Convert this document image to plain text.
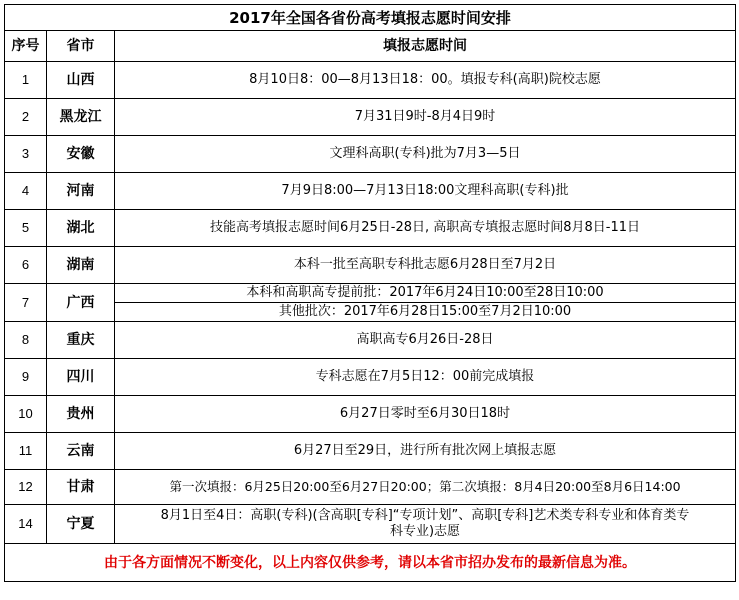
2017年全国各省份高考填报志愿时间安排		
序号	省市	填报志愿时间
1	山西	8月10日8：00—8月13日18：00。填报专科(高职)院校志愿
2	黑龙江	7月31日9时-8月4日9时
3	安徽	文理科高职(专科)批为7月3—5日
4	河南	7月9日8:00—7月13日18:00文理科高职(专科)批
5	湖北	技能高考填报志愿时间6月25日-28日, 高职高专填报志愿时间8月8日-11日
6	湖南	本科一批至高职专科批志愿6月28日至7月2日
7	广西	本科和高职高专提前批：2017年6月24日10:00至28日10:00
		其他批次：2017年6月28日15:00至7月2日10:00
8	重庆	高职高专6月26日-28日
9	四川	专科志愿在7月5日12：00前完成填报
10	贵州	6月27日零时至6月30日18时
11	云南	6月27日至29日，进行所有批次网上填报志愿
12	甘肃	第一次填报：6月25日20:00至6月27日20:00；第二次填报：8月4日20:00至8月6日14:00
14	宁夏	8月1日至4日：高职(专科)(含高职[专科]“专项计划”、高职[专科]艺术类专科专业和体育类专科专业)志愿
由于各方面情况不断变化，以上内容仅供参考，请以本省市招办发布的最新信息为准。		
